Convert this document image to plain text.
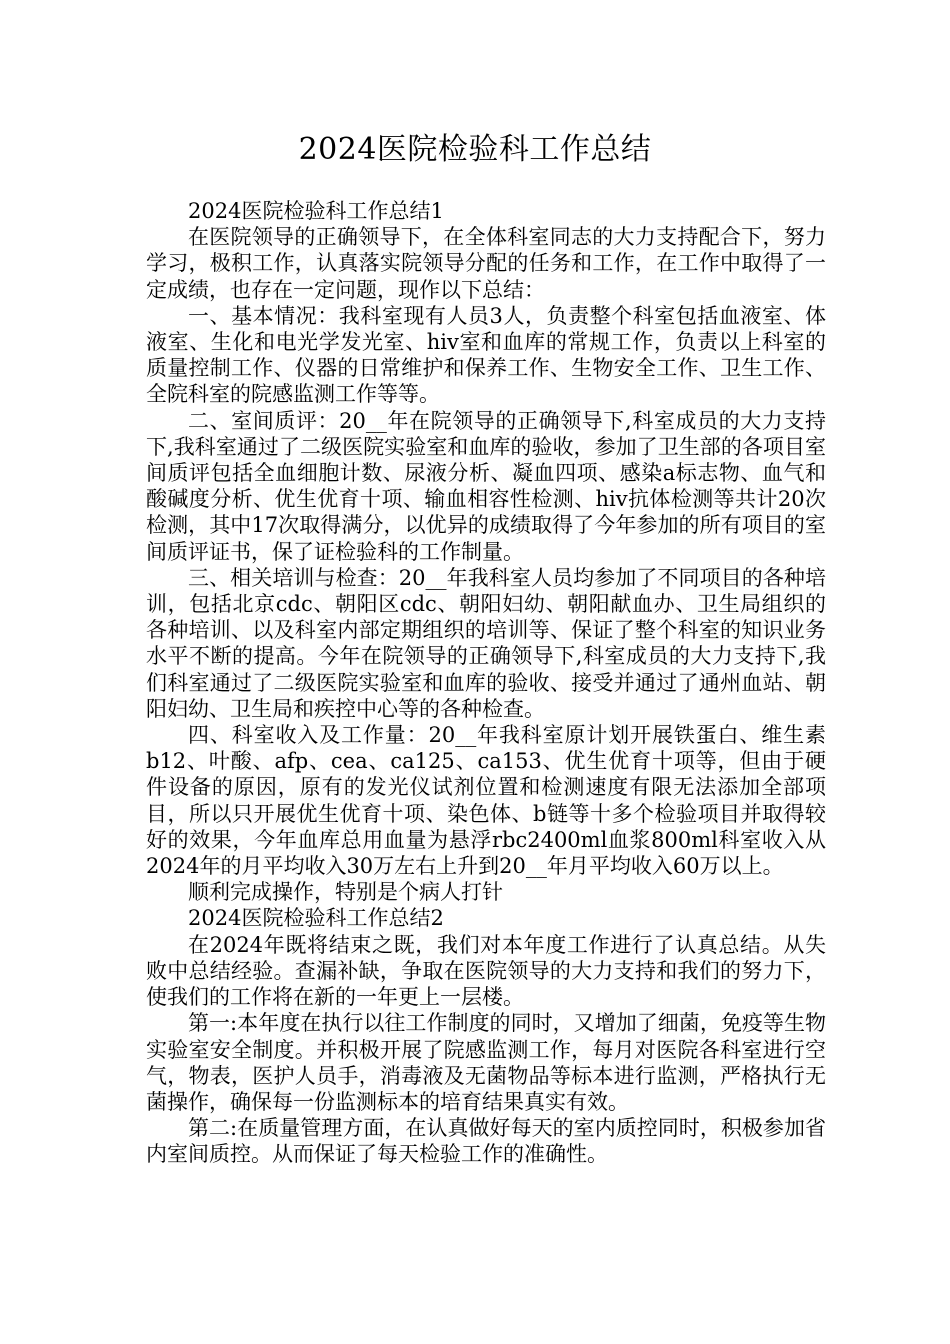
2024医院检验科工作总结

2024医院检验科工作总结1

在医院领导的正确领导下，在全体科室同志的大力支持配合下，努力学习，极积工作，认真落实院领导分配的任务和工作，在工作中取得了一定成绩，也存在一定问题，现作以下总结：

一、基本情况：我科室现有人员3人，负责整个科室包括血液室、体液室、生化和电光学发光室、hiv室和血库的常规工作，负责以上科室的质量控制工作、仪器的日常维护和保养工作、生物安全工作、卫生工作、全院科室的院感监测工作等等。

二、室间质评：20__年在院领导的正确领导下,科室成员的大力支持下,我科室通过了二级医院实验室和血库的验收，参加了卫生部的各项目室间质评包括全血细胞计数、尿液分析、凝血四项、感染a标志物、血气和酸碱度分析、优生优育十项、输血相容性检测、hiv抗体检测等共计20次检测，其中17次取得满分，以优异的成绩取得了今年参加的所有项目的室间质评证书，保了证检验科的工作制量。

三、相关培训与检查：20__年我科室人员均参加了不同项目的各种培训，包括北京cdc、朝阳区cdc、朝阳妇幼、朝阳献血办、卫生局组织的各种培训、以及科室内部定期组织的培训等、保证了整个科室的知识业务水平不断的提高。今年在院领导的正确领导下,科室成员的大力支持下,我们科室通过了二级医院实验室和血库的验收、接受并通过了通州血站、朝阳妇幼、卫生局和疾控中心等的各种检查。

四、科室收入及工作量：20__年我科室原计划开展铁蛋白、维生素b12、叶酸、afp、cea、ca125、ca153、优生优育十项等，但由于硬件设备的原因，原有的发光仪试剂位置和检测速度有限无法添加全部项目，所以只开展优生优育十项、染色体、b链等十多个检验项目并取得较好的效果，今年血库总用血量为悬浮rbc2400ml血浆800ml科室收入从2024年的月平均收入30万左右上升到20__年月平均收入60万以上。

顺利完成操作，特别是个病人打针

2024医院检验科工作总结2

在2024年既将结束之既，我们对本年度工作进行了认真总结。从失败中总结经验。查漏补缺，争取在医院领导的大力支持和我们的努力下，使我们的工作将在新的一年更上一层楼。

第一:本年度在执行以往工作制度的同时，又增加了细菌，免疫等生物实验室安全制度。并积极开展了院感监测工作，每月对医院各科室进行空气，物表，医护人员手，消毒液及无菌物品等标本进行监测，严格执行无菌操作，确保每一份监测标本的培育结果真实有效。

第二:在质量管理方面，在认真做好每天的室内质控同时，积极参加省内室间质控。从而保证了每天检验工作的准确性。
